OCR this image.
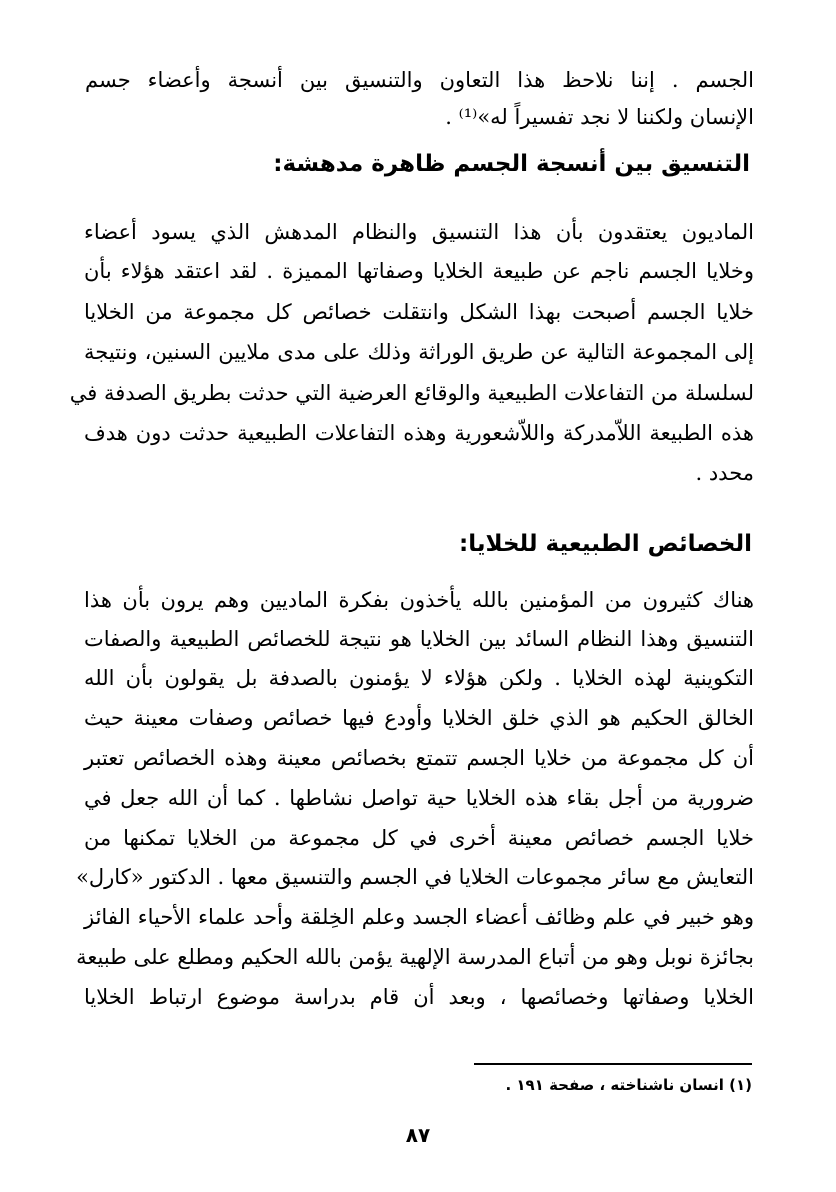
الجسم . إننا نلاحظ هذا التعاون والتنسيق بين أنسجة وأعضاء جسم
الإنسان ولكننا لا نجد تفسيراً له»⁽¹⁾ .
التنسيق بين أنسجة الجسم ظاهرة مدهشة:
الماديون يعتقدون بأن هذا التنسيق والنظام المدهش الذي يسود أعضاء
وخلايا الجسم ناجم عن طبيعة الخلايا وصفاتها المميزة . لقد اعتقد هؤلاء بأن
خلايا الجسم أصبحت بهذا الشكل وانتقلت خصائص كل مجموعة من الخلايا
إلى المجموعة التالية عن طريق الوراثة وذلك على مدى ملايين السنين، ونتيجة
لسلسلة من التفاعلات الطبيعية والوقائع العرضية التي حدثت بطريق الصدفة في
هذه الطبيعة اللاّمدركة واللاّشعورية وهذه التفاعلات الطبيعية حدثت دون هدف
محدد .
الخصائص الطبيعية للخلايا:
هناك كثيرون من المؤمنين بالله يأخذون بفكرة الماديين وهم يرون بأن هذا
التنسيق وهذا النظام السائد بين الخلايا هو نتيجة للخصائص الطبيعية والصفات
التكوينية لهذه الخلايا . ولكن هؤلاء لا يؤمنون بالصدفة بل يقولون بأن الله
الخالق الحكيم هو الذي خلق الخلايا وأودع فيها خصائص وصفات معينة حيث
أن كل مجموعة من خلايا الجسم تتمتع بخصائص معينة وهذه الخصائص تعتبر
ضرورية من أجل بقاء هذه الخلايا حية تواصل نشاطها . كما أن الله جعل في
خلايا الجسم خصائص معينة أخرى في كل مجموعة من الخلايا تمكنها من
التعايش مع سائر مجموعات الخلايا في الجسم والتنسيق معها . الدكتور «كارل»
وهو خبير في علم وظائف أعضاء الجسد وعلم الخِلقة وأحد علماء الأحياء الفائز
بجائزة نوبل وهو من أتباع المدرسة الإلهية يؤمن بالله الحكيم ومطلع على طبيعة
الخلايا وصفاتها وخصائصها ، وبعد أن قام بدراسة موضوع ارتباط الخلايا
(١) انسان ناشناخته ، صفحة ١٩١ .
٨٧
